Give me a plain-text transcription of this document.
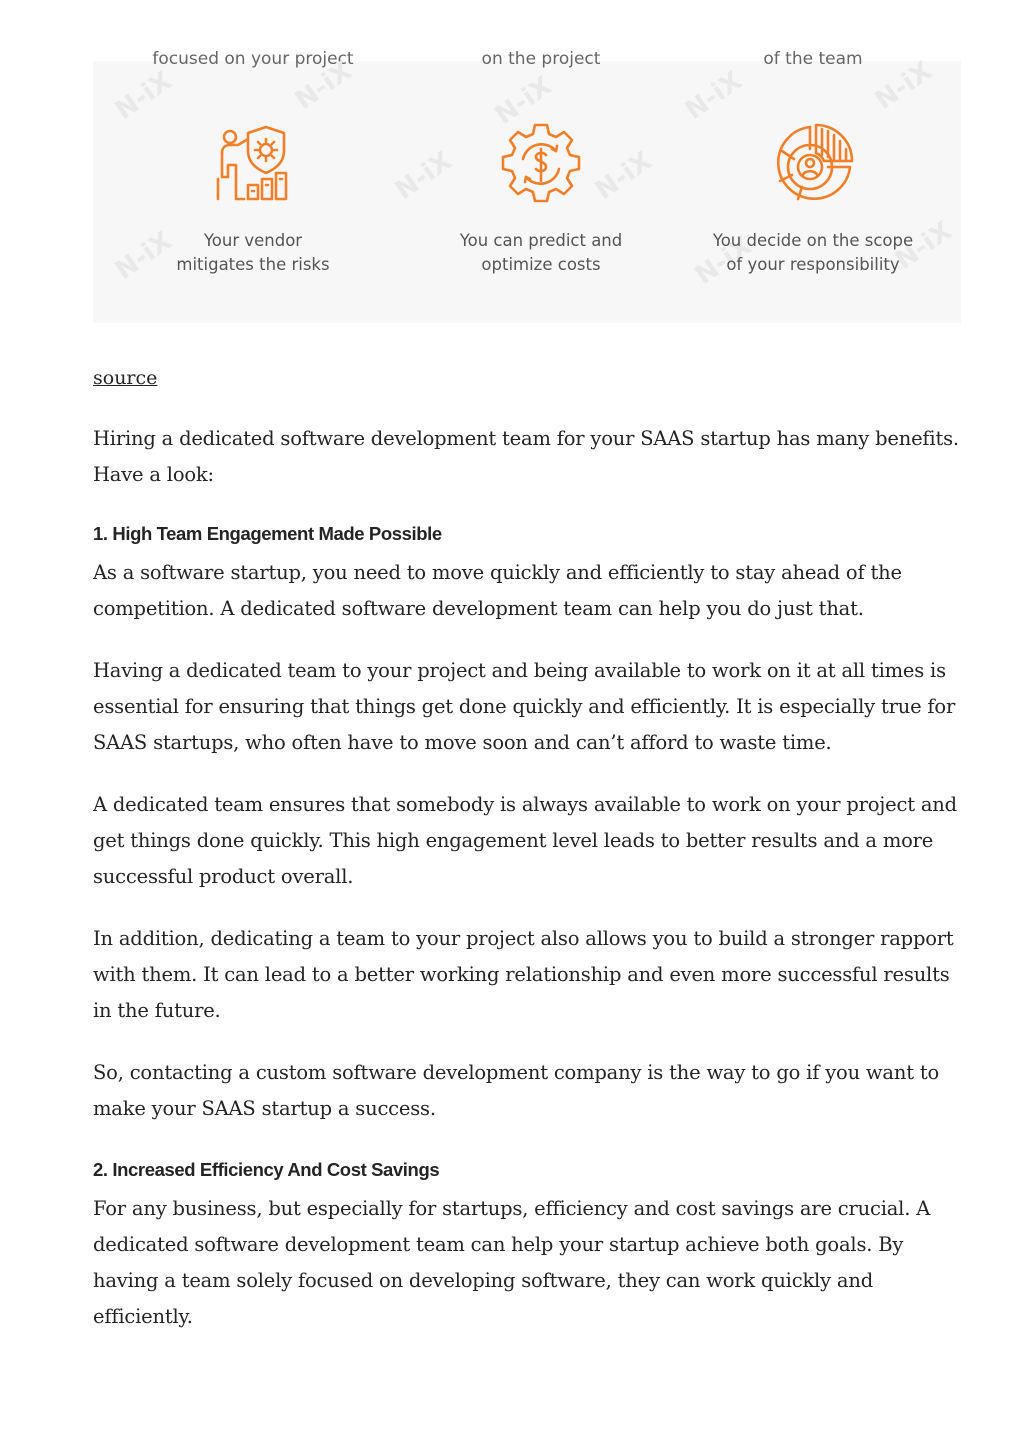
focused on your project	on the project	of the team
N-iX	N-iX	N-iX	N-iX	N-iX
N-iX
N-iX	N-iX
N-iX	N-iX
Your vendor
mitigates the risks
You can predict and
optimize costs
You decide on the scope
of your responsibility
source

Hiring a dedicated software development team for your SAAS startup has many benefits. Have a look:

1. High Team Engagement Made Possible

As a software startup, you need to move quickly and efficiently to stay ahead of the competition. A dedicated software development team can help you do just that.

Having a dedicated team to your project and being available to work on it at all times is essential for ensuring that things get done quickly and efficiently. It is especially true for SAAS startups, who often have to move soon and can’t afford to waste time.

A dedicated team ensures that somebody is always available to work on your project and get things done quickly. This high engagement level leads to better results and a more successful product overall.

In addition, dedicating a team to your project also allows you to build a stronger rapport with them. It can lead to a better working relationship and even more successful results in the future.

So, contacting a custom software development company is the way to go if you want to make your SAAS startup a success.

2. Increased Efficiency And Cost Savings

For any business, but especially for startups, efficiency and cost savings are crucial. A dedicated software development team can help your startup achieve both goals. By having a team solely focused on developing software, they can work quickly and efficiently.
